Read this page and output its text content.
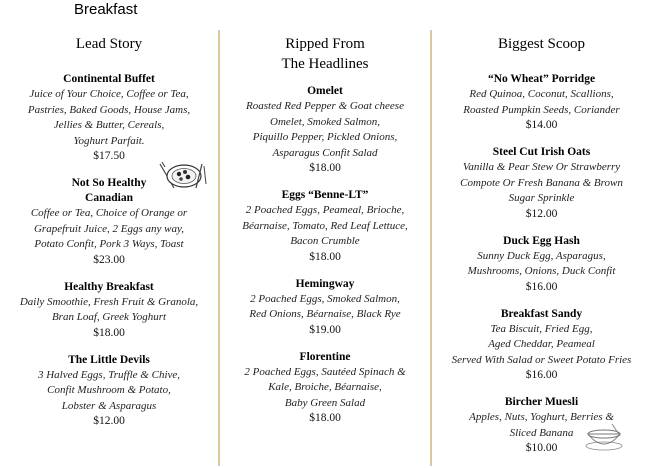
Breakfast
Lead Story
Continental Buffet
Juice of Your Choice, Coffee or Tea,
Pastries, Baked Goods, House Jams,
Jellies & Butter, Cereals,
Yoghurt Parfait.
$17.50
Not So Healthy
Canadian
Coffee or Tea, Choice of Orange or
Grapefruit Juice, 2 Eggs any way,
Potato Confit, Pork 3 Ways, Toast
$23.00
Healthy Breakfast
Daily Smoothie, Fresh Fruit & Granola,
Bran Loaf, Greek Yoghurt
$18.00
The Little Devils
3 Halved Eggs, Truffle & Chive,
Confit Mushroom & Potato,
Lobster & Asparagus
$12.00
Ripped From
The Headlines
Omelet
Roasted Red Pepper & Goat cheese
Omelet, Smoked Salmon,
Piquillo Pepper, Pickled Onions,
Asparagus Confit Salad
$18.00
Eggs “Benne-LT”
2 Poached Eggs, Peameal, Brioche,
Béarnaise, Tomato, Red Leaf Lettuce,
Bacon Crumble
$18.00
Hemingway
2 Poached Eggs, Smoked Salmon,
Red Onions, Béarnaise, Black Rye
$19.00
Florentine
2 Poached Eggs, Sautéed Spinach &
Kale, Broiche, Béarnaise,
Baby Green Salad
$18.00
Biggest Scoop
“No Wheat” Porridge
Red Quinoa, Coconut, Scallions,
Roasted Pumpkin Seeds, Coriander
$14.00
Steel Cut Irish Oats
Vanilla & Pear Stew Or Strawberry
Compote Or Fresh Banana & Brown
Sugar Sprinkle
$12.00
Duck Egg Hash
Sunny Duck Egg, Asparagus,
Mushrooms, Onions, Duck Confit
$16.00
Breakfast Sandy
Tea Biscuit, Fried Egg,
Aged Cheddar, Peameal
Served With Salad or Sweet Potato Fries
$16.00
Bircher Muesli
Apples, Nuts, Yoghurt, Berries &
Sliced Banana
$10.00
